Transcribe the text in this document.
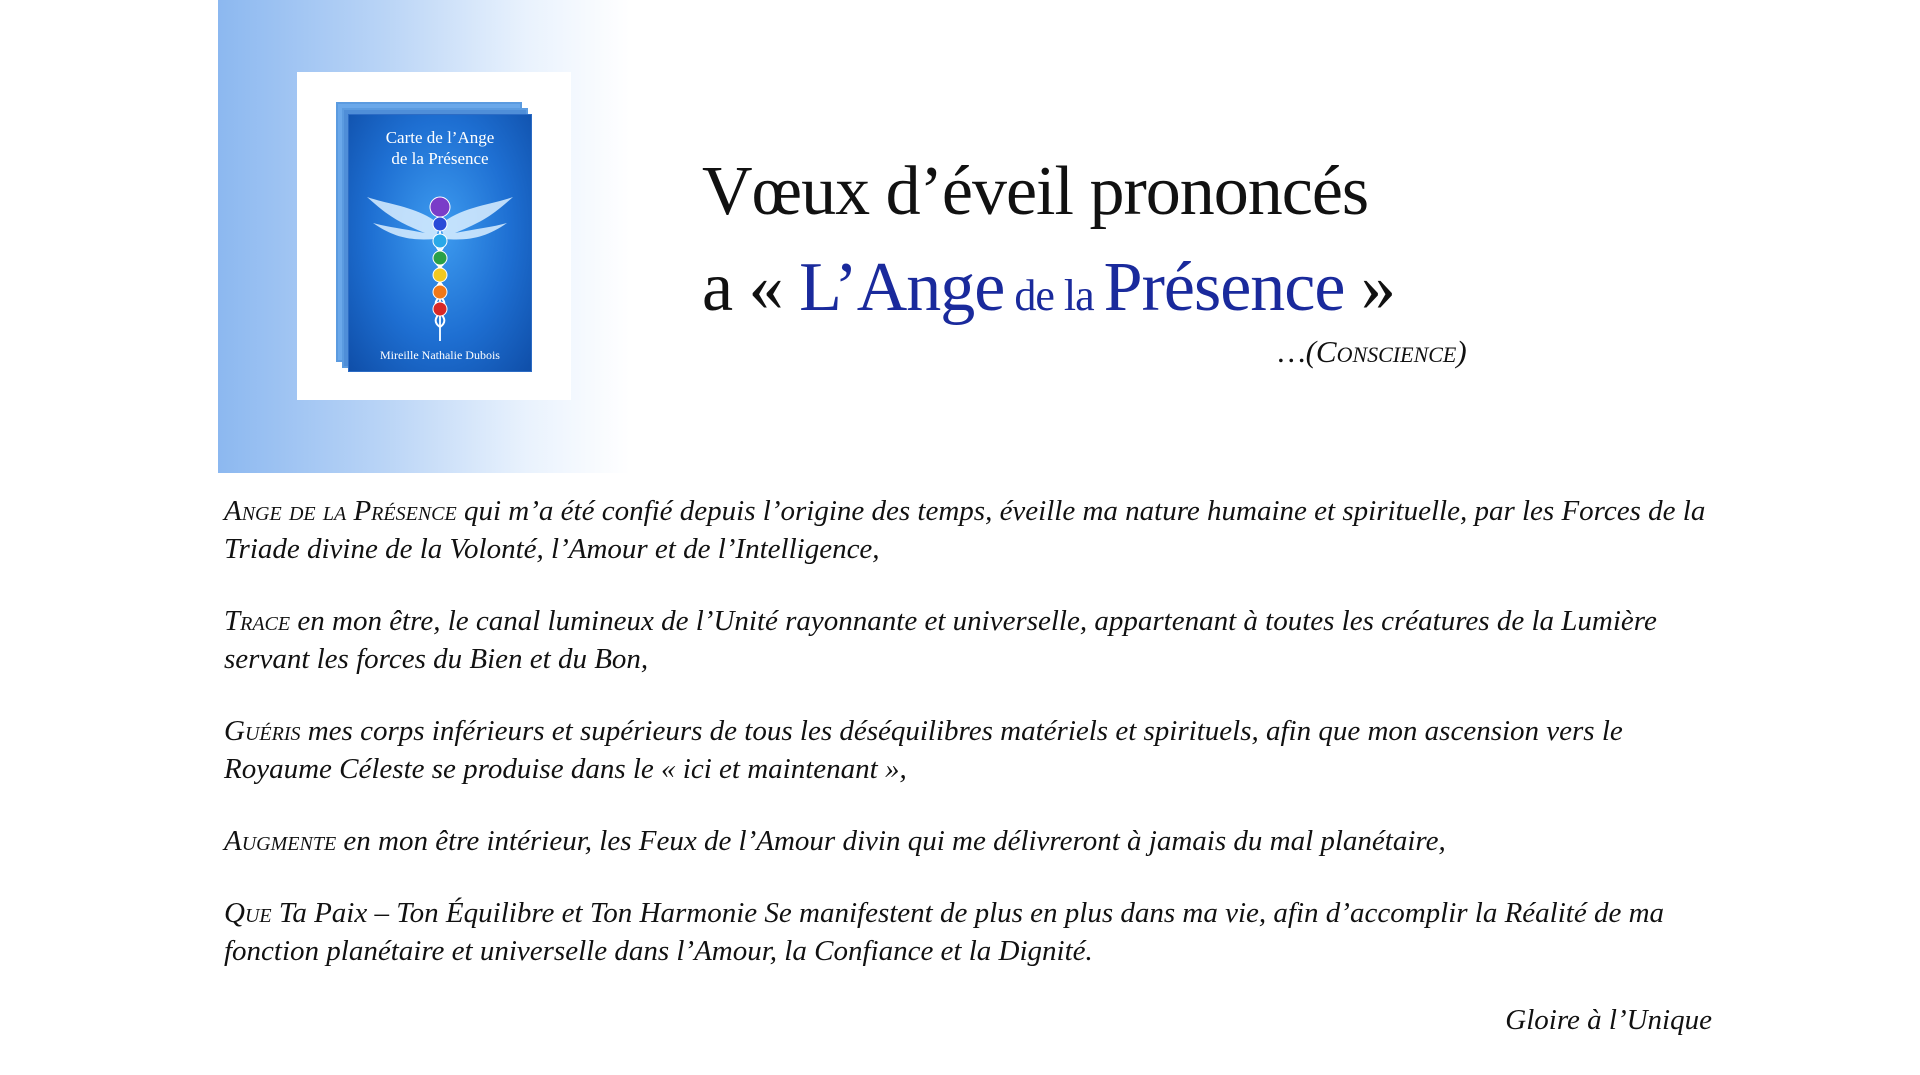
Carte de l’Ange
de la Présence
Mireille Nathalie Dubois
Vœux d’éveil prononcés
a « L’Ange de la Présence »
…(Conscience)
Ange de la Présence qui m’a été confié depuis l’origine des temps, éveille ma nature humaine et spirituelle, par les Forces de la Triade divine de la Volonté, l’Amour et de l’Intelligence,
Trace en mon être, le canal lumineux de l’Unité rayonnante et universelle, appartenant à toutes les créatures de la Lumière servant les forces du Bien et du Bon,
Guéris mes corps inférieurs et supérieurs de tous les déséquilibres matériels et spirituels, afin que mon ascension vers le Royaume Céleste se produise dans le « ici et maintenant »,
Augmente en mon être intérieur, les Feux de l’Amour divin qui me délivreront à jamais du mal planétaire,
Que Ta Paix – Ton Équilibre et Ton Harmonie Se manifestent de plus en plus dans ma vie, afin d’accomplir la Réalité de ma fonction planétaire et universelle dans l’Amour, la Confiance et la Dignité.
Gloire à l’Unique
